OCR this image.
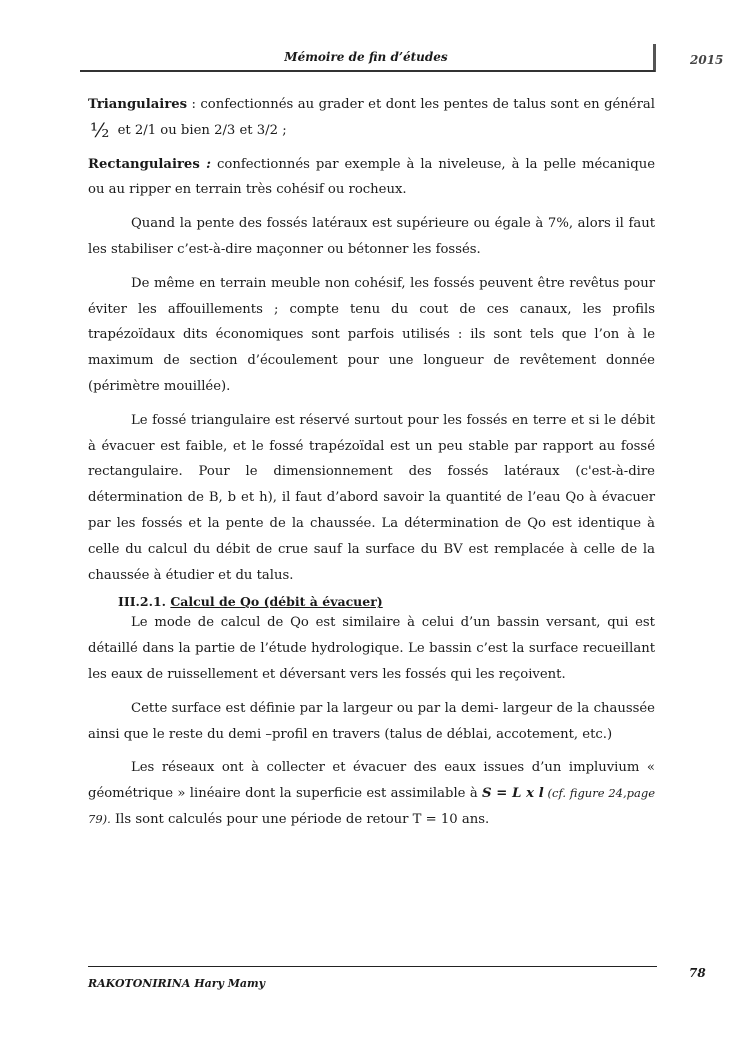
Mémoire de fin d’études	2015

Triangulaires : confectionnés au grader et dont les pentes de talus sont en général ½ et 2/1 ou bien 2/3 et 3/2 ;

Rectangulaires : confectionnés par exemple à la niveleuse, à la pelle mécanique ou au ripper en terrain très cohésif ou rocheux.

Quand la pente des fossés latéraux est supérieure ou égale à 7%, alors il faut les stabiliser c’est-à-dire maçonner ou bétonner les fossés.

De même en terrain meuble non cohésif, les fossés peuvent être revêtus pour éviter les affouillements ; compte tenu du cout de ces canaux, les profils trapézoïdaux dits économiques sont parfois utilisés : ils sont tels que l’on à le maximum de section d’écoulement pour une longueur de revêtement donnée (périmètre mouillée).

Le fossé triangulaire est réservé surtout pour les fossés en terre et si le débit à évacuer est faible, et le fossé trapézoïdal est un peu stable par rapport au fossé rectangulaire. Pour le dimensionnement des fossés latéraux (c'est-à-dire détermination de B, b et h), il faut d’abord savoir la quantité de l’eau Qo à évacuer par les fossés et la pente de la chaussée. La détermination de Qo est identique à celle du calcul du débit de crue sauf la surface du BV est remplacée à celle de la chaussée à étudier et du talus.

III.2.1. Calcul de Qo (débit à évacuer)

Le mode de calcul de Qo est similaire à celui d’un bassin versant, qui est détaillé dans la partie de l’étude hydrologique. Le bassin c’est la surface recueillant les eaux de ruissellement et déversant vers les fossés qui les reçoivent.

Cette surface est définie par la largeur ou par la demi- largeur de la chaussée ainsi que le reste du demi –profil en travers (talus de déblai, accotement, etc.)

Les réseaux ont à collecter et évacuer des eaux issues d’un impluvium « géométrique » linéaire dont la superficie est assimilable à S = L x l (cf. figure 24,page 79). Ils sont calculés pour une période de retour T = 10 ans.

78
RAKOTONIRINA Hary Mamy
